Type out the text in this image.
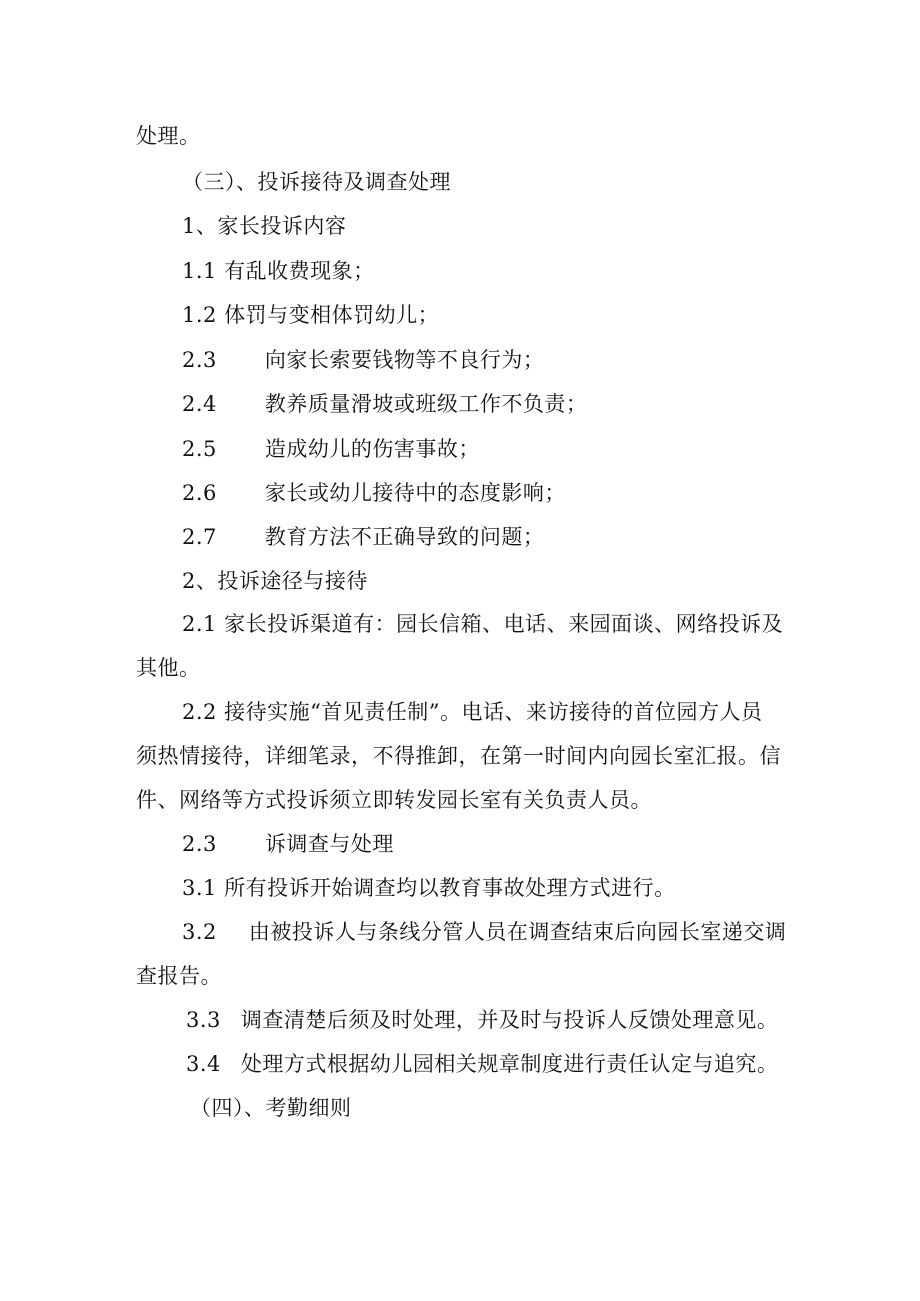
处理。
（三）、投诉接待及调查处理
1、家长投诉内容
1.1 有乱收费现象；
1.2 体罚与变相体罚幼儿；
2.3 向家长索要钱物等不良行为；
2.4 教养质量滑坡或班级工作不负责；
2.5 造成幼儿的伤害事故；
2.6 家长或幼儿接待中的态度影响；
2.7 教育方法不正确导致的问题；
2、投诉途径与接待
2.1 家长投诉渠道有：园长信箱、电话、来园面谈、网络投诉及
其他。
2.2 接待实施“首见责任制”。电话、来访接待的首位园方人员
须热情接待，详细笔录，不得推卸，在第一时间内向园长室汇报。信
件、网络等方式投诉须立即转发园长室有关负责人员。
2.3 诉调查与处理
3.1 所有投诉开始调查均以教育事故处理方式进行。
3.2 由被投诉人与条线分管人员在调查结束后向园长室递交调
查报告。
3.3 调查清楚后须及时处理，并及时与投诉人反馈处理意见。
3.4 处理方式根据幼儿园相关规章制度进行责任认定与追究。
（四）、考勤细则
